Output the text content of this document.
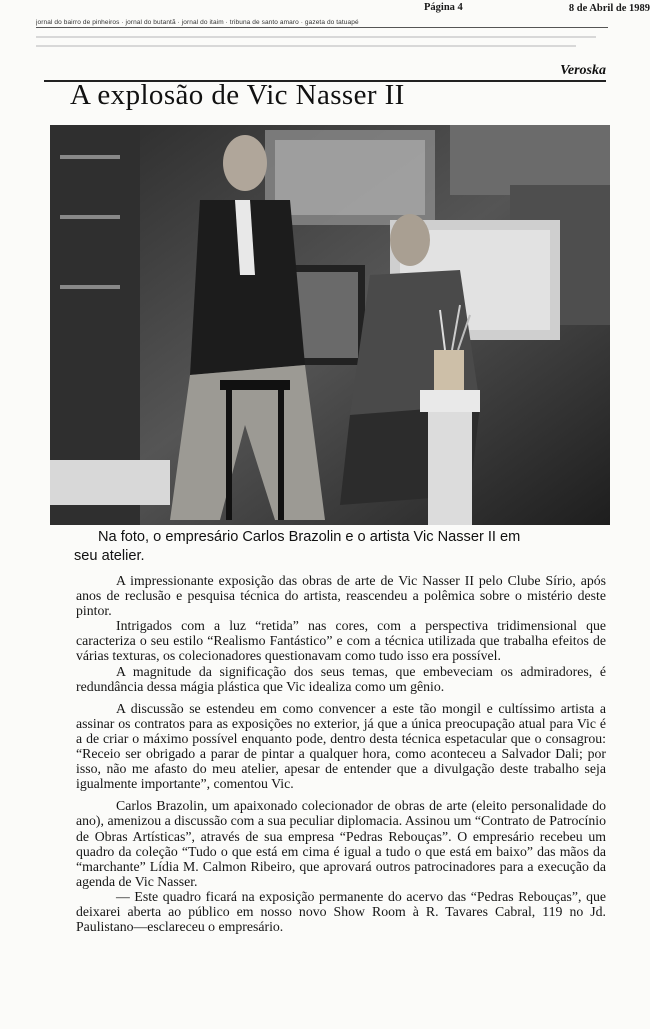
jornal do bairro de pinheiros · jornal do butantã · jornal do itaim · tribuna de santo amaro · gazeta do tatuapé
Página 4	8 de Abril de 1989
Veroska
A explosão de Vic Nasser II
Na foto, o empresário Carlos Brazolin e o artista Vic Nasser II em
seu atelier.

A impressionante exposição das obras de arte de Vic Nasser II pelo Clube Sírio, após anos de reclusão e pesquisa técnica do artista, reascendeu a polêmica sobre o mistério deste pintor.

Intrigados com a luz “retida” nas cores, com a perspectiva tridimensional que caracteriza o seu estilo “Realismo Fantástico” e com a técnica utilizada que trabalha efeitos de várias texturas, os colecionadores questionavam como tudo isso era possível.

A magnitude da significação dos seus temas, que embeveciam os admiradores, é redundância dessa mágia plástica que Vic idealiza como um gênio.

A discussão se estendeu em como convencer a este tão mongil e cultíssimo artista a assinar os contratos para as exposições no exterior, já que a única preocupação atual para Vic é a de criar o máximo possível enquanto pode, dentro desta técnica espetacular que o consagrou: “Receio ser obrigado a parar de pintar a qualquer hora, como aconteceu a Salvador Dali; por isso, não me afasto do meu atelier, apesar de entender que a divulgação deste trabalho seja igualmente importante”, comentou Vic.

Carlos Brazolin, um apaixonado colecionador de obras de arte (eleito personalidade do ano), amenizou a discussão com a sua peculiar diplomacia. Assinou um “Contrato de Patrocínio de Obras Artísticas”, através de sua empresa “Pedras Rebouças”. O empresário recebeu um quadro da coleção “Tudo o que está em cima é igual a tudo o que está em baixo” das mãos da “marchante” Lídia M. Calmon Ribeiro, que aprovará outros patrocinadores para a execução da agenda de Vic Nasser.

— Este quadro ficará na exposição permanente do acervo das “Pedras Rebouças”, que deixarei aberta ao público em nosso novo Show Room à R. Tavares Cabral, 119 no Jd. Paulistano—esclareceu o empresário.
